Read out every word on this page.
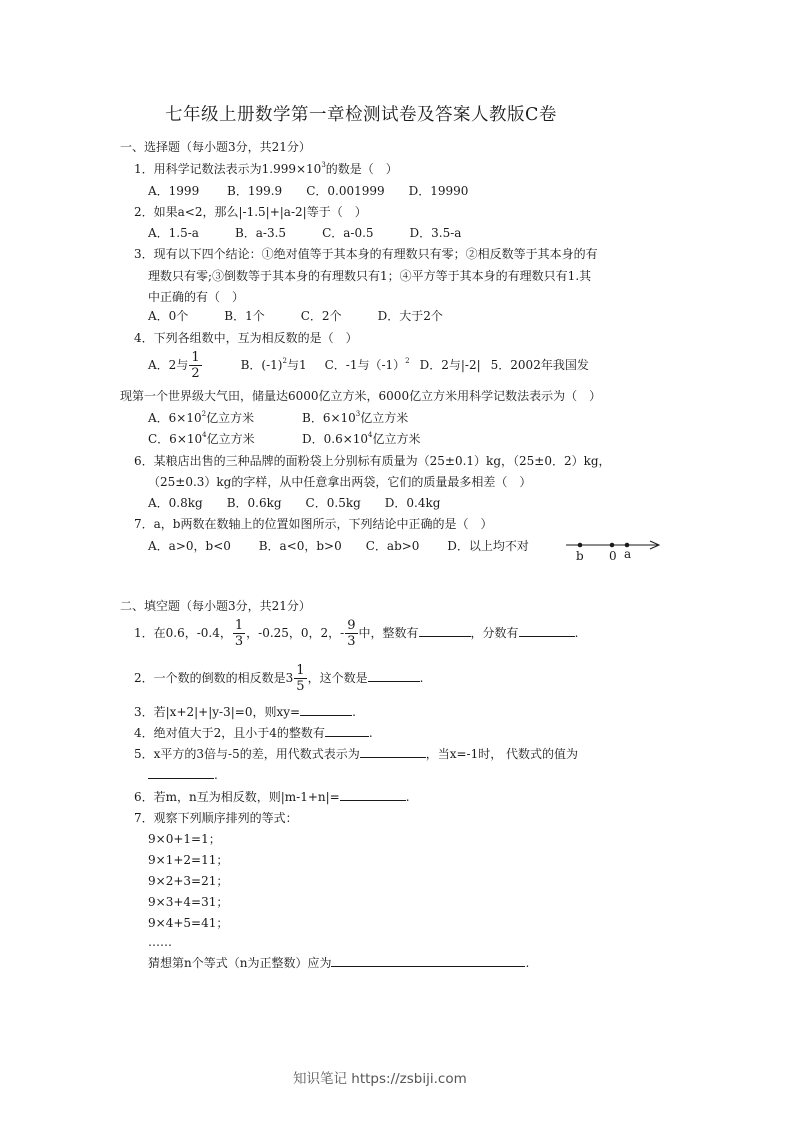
七年级上册数学第一章检测试卷及答案人教版C卷
一、选择题（每小题3分，共21分）
1．用科学记数法表示为$1.999\times 10^3$的数是（　）
A．1999　　 B．199.9　　C．0.001999　　D．19990
2．如果a<2，那么|-1.5|+|a-2|等于（　）
A．1.5-a　　　B．a-3.5　　　C．a-0.5　　　D．3.5-a
3．现有以下四个结论：①绝对值等于其本身的有理数只有零；②相反数等于其本身的有
理数只有零;③倒数等于其本身的有理数只有1；④平方等于其本身的有理数只有1.其
中正确的有（　）
A．0个　　　B．1个　　　C．2个　　　D．大于2个
4．下列各组数中，互为相反数的是（　）
A．2与 $\frac{1}{2}$	B．$(-1)^2$与1 C．-1与$(-1)^2$ D．2与|-2| 5．2002年我国发
现第一个世界级大气田，储量达6000亿立方米，6000亿立方米用科学记数法表示为（　）
A．$6\times 10^2$亿立方米	B．$6\times 10^3$亿立方米
C．$6\times 10^4$亿立方米	D．$0.6\times 10^4$亿立方米
6．某粮店出售的三种品牌的面粉袋上分别标有质量为（25±0.1）kg，（25±0．2）kg，
（25±0.3）kg的字样，从中任意拿出两袋，它们的质量最多相差（　）
A．0.8kg　　B．0.6kg　　C．0.5kg　　D．0.4kg
7．a，b两数在数轴上的位置如图所示，下列结论中正确的是（　）
A．a>0，b<0　　 B．a<0，b>0　　C．ab>0　　 D．以上均不对
b 0 a
二、填空题（每小题3分，共21分）
1．在0.6，-0.4， $\frac{1}{3}$ ，-0.25，0，2，- $\frac{9}{3}$ 中，整数有	，分数有	.
2．一个数的倒数的相反数是$3 \frac{1}{5}$ ，这个数是	.
3．若|x+2|+|y-3|=0，则xy=	.
4．绝对值大于2，且小于4的整数有	.
5．x平方的3倍与-5的差，用代数式表示为	，当x=-1时， 代数式的值为
.
6．若m，n互为相反数，则|m-1+n|=	.
7．观察下列顺序排列的等式：
9×0+1=1；
9×1+2=11；
9×2+3=21；
9×3+4=31；
9×4+5=41；
……
猜想第n个等式（n为正整数）应为	.
知识笔记 https://zsbiji.com
